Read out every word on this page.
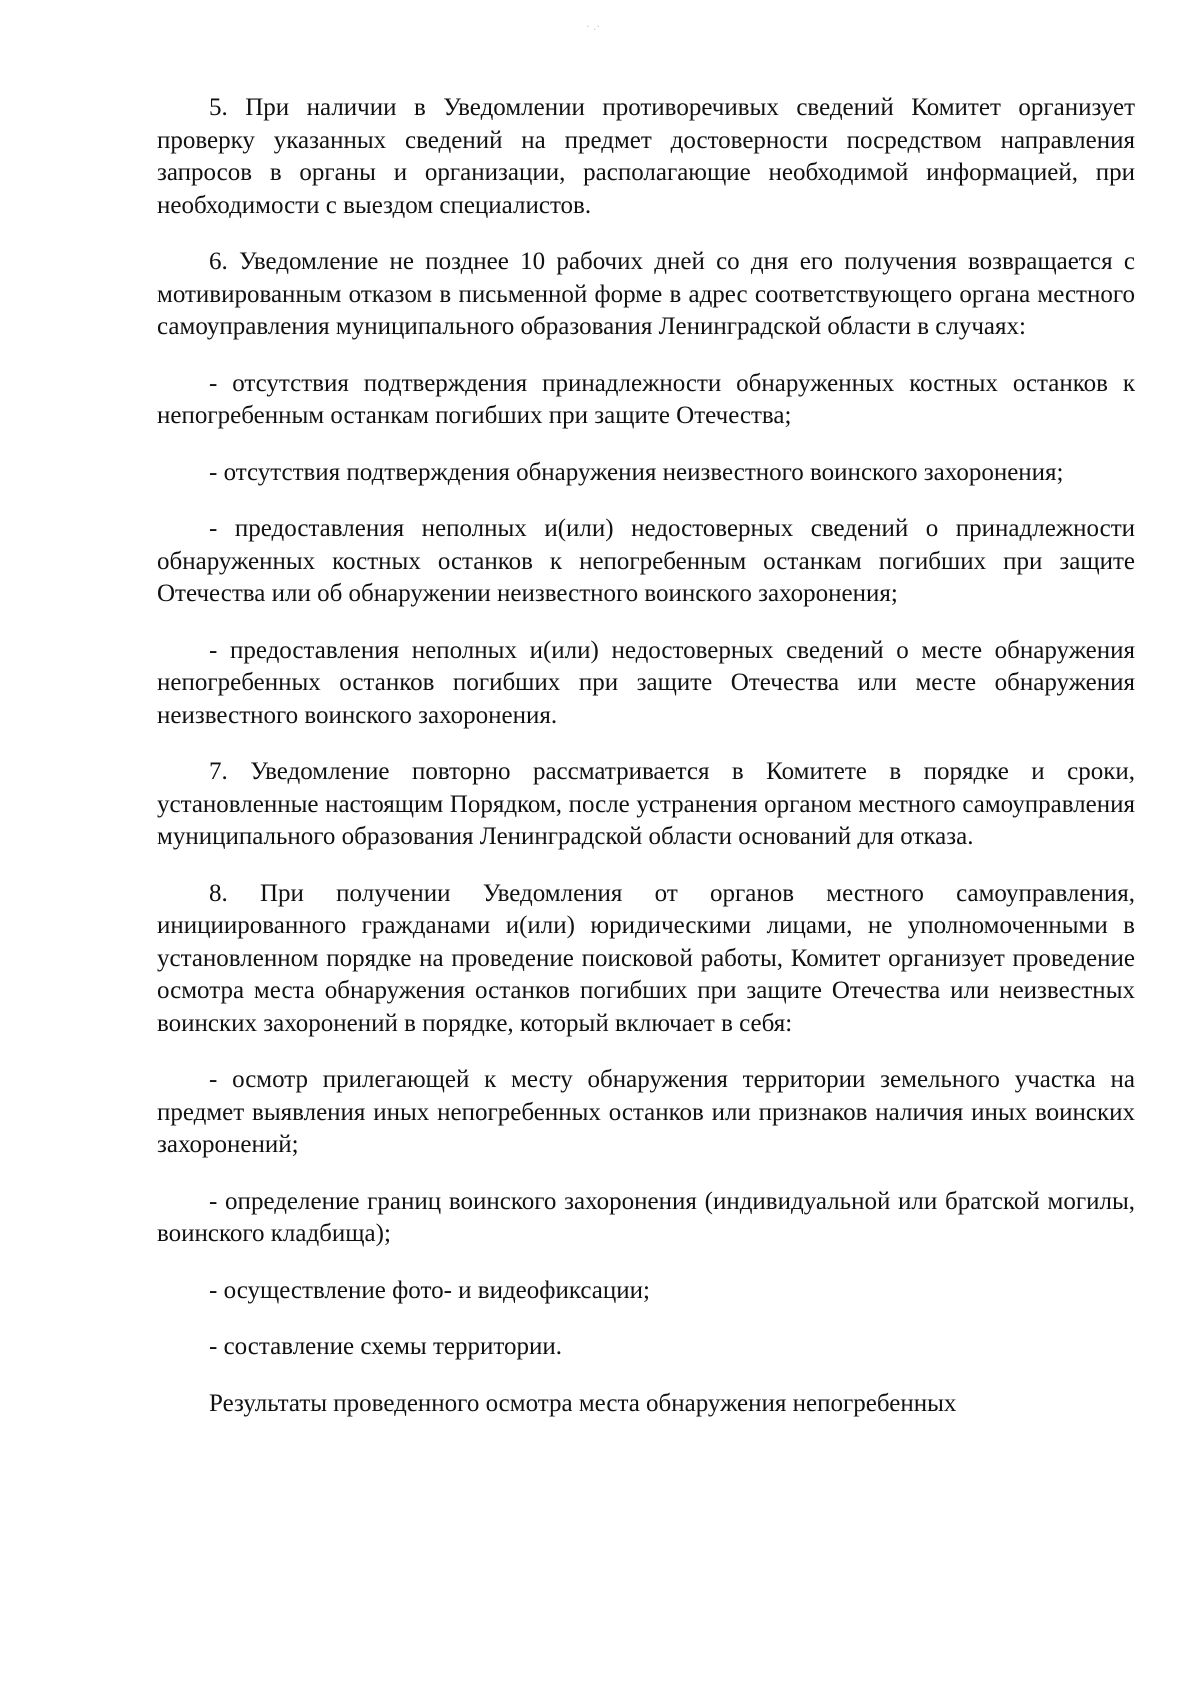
· .·

5. При наличии в Уведомлении противоречивых сведений Комитет организует проверку указанных сведений на предмет достоверности посредством направления запросов в органы и организации, располагающие необходимой информацией, при необходимости с выездом специалистов.

6. Уведомление не позднее 10 рабочих дней со дня его получения возвращается с мотивированным отказом в письменной форме в адрес соответствующего органа местного самоуправления муниципального образования Ленинградской области в случаях:

- отсутствия подтверждения принадлежности обнаруженных костных останков к непогребенным останкам погибших при защите Отечества;

- отсутствия подтверждения обнаружения неизвестного воинского захоронения;

- предоставления неполных и(или) недостоверных сведений о принадлежности обнаруженных костных останков к непогребенным останкам погибших при защите Отечества или об обнаружении неизвестного воинского захоронения;

- предоставления неполных и(или) недостоверных сведений о месте обнаружения непогребенных останков погибших при защите Отечества или месте обнаружения неизвестного воинского захоронения.

7. Уведомление повторно рассматривается в Комитете в порядке и сроки, установленные настоящим Порядком, после устранения органом местного самоуправления муниципального образования Ленинградской области оснований для отказа.

8. При получении Уведомления от органов местного самоуправления, инициированного гражданами и(или) юридическими лицами, не уполномоченными в установленном порядке на проведение поисковой работы, Комитет организует проведение осмотра места обнаружения останков погибших при защите Отечества или неизвестных воинских захоронений в порядке, который включает в себя:

- осмотр прилегающей к месту обнаружения территории земельного участка на предмет выявления иных непогребенных останков или признаков наличия иных воинских захоронений;

- определение границ воинского захоронения (индивидуальной или братской могилы, воинского кладбища);

- осуществление фото- и видеофиксации;

- составление схемы территории.

Результаты проведенного осмотра места обнаружения непогребенных
